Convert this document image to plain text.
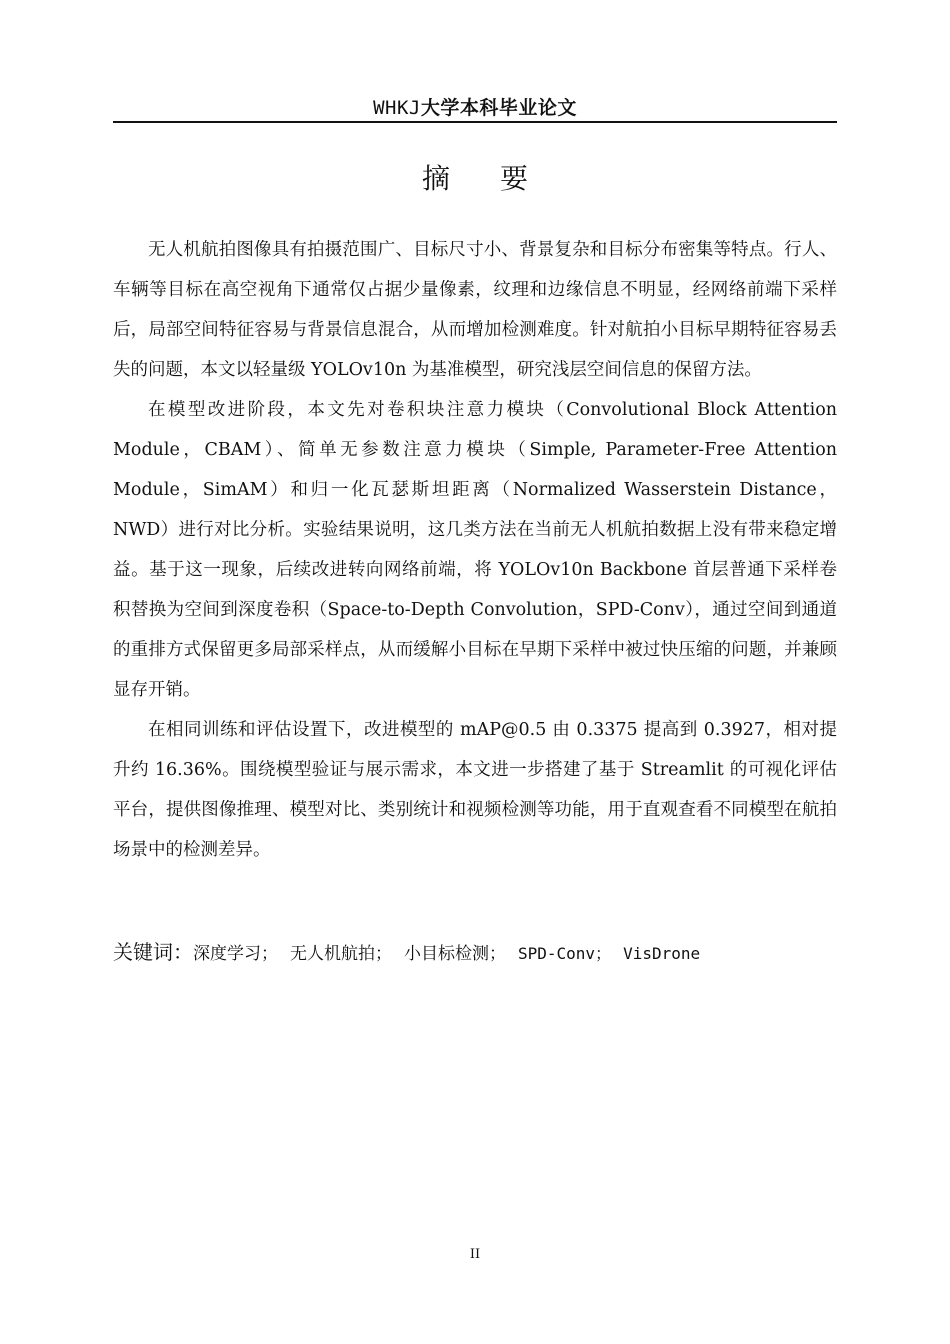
WHKJ大学本科毕业论文
摘要

无人机航拍图像具有拍摄范围广、目标尺寸小、背景复杂和目标分布密集等特点。行人、车辆等目标在高空视角下通常仅占据少量像素，纹理和边缘信息不明显，经网络前端下采样后，局部空间特征容易与背景信息混合，从而增加检测难度。针对航拍小目标早期特征容易丢失的问题，本文以轻量级 YOLOv10n 为基准模型，研究浅层空间信息的保留方法。

在模型改进阶段，本文先对卷积块注意力模块（Convolutional Block Attention Module，CBAM）、简单无参数注意力模块（Simple, Parameter-Free Attention Module，SimAM）和归一化瓦瑟斯坦距离（Normalized Wasserstein Distance，NWD）进行对比分析。实验结果说明，这几类方法在当前无人机航拍数据上没有带来稳定增益。基于这一现象，后续改进转向网络前端，将 YOLOv10n Backbone 首层普通下采样卷积替换为空间到深度卷积（Space-to-Depth Convolution，SPD-Conv），通过空间到通道的重排方式保留更多局部采样点，从而缓解小目标在早期下采样中被过快压缩的问题，并兼顾显存开销。

在相同训练和评估设置下，改进模型的 mAP@0.5 由 0.3375 提高到 0.3927，相对提升约 16.36%。围绕模型验证与展示需求，本文进一步搭建了基于 Streamlit 的可视化评估平台，提供图像推理、模型对比、类别统计和视频检测等功能，用于直观查看不同模型在航拍场景中的检测差异。

关键词：深度学习； 无人机航拍； 小目标检测； SPD-Conv； VisDrone
II
